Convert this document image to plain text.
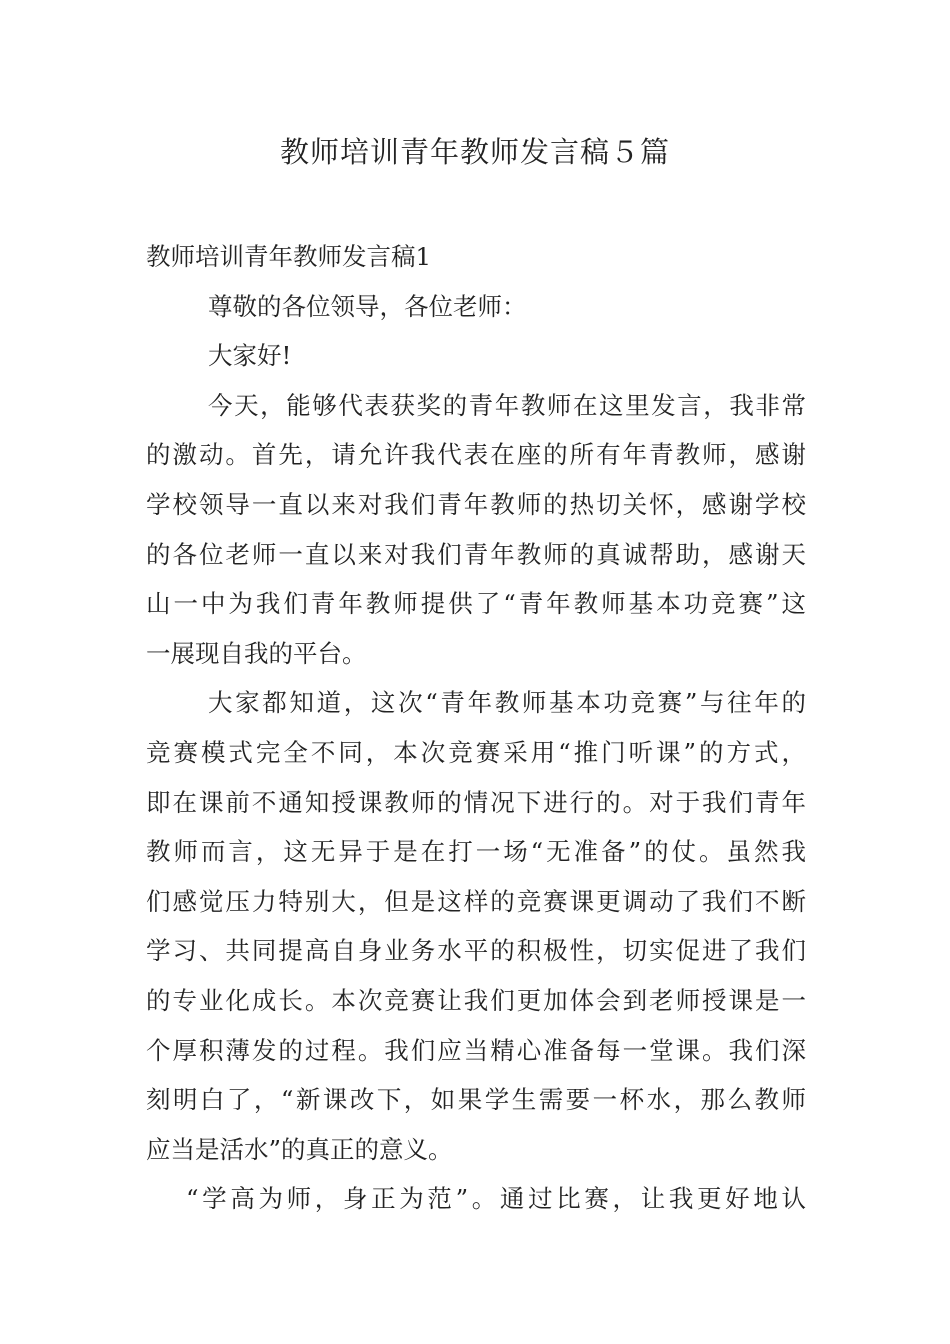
教师培训青年教师发言稿５篇
教师培训青年教师发言稿1
尊敬的各位领导，各位老师：
大家好!
今天，能够代表获奖的青年教师在这里发言，我非常
的激动。首先，请允许我代表在座的所有年青教师，感谢
学校领导一直以来对我们青年教师的热切关怀，感谢学校
的各位老师一直以来对我们青年教师的真诚帮助，感谢天
山一中为我们青年教师提供了“青年教师基本功竞赛”这
一展现自我的平台。
大家都知道，这次“青年教师基本功竞赛”与往年的
竞赛模式完全不同，本次竞赛采用“推门听课”的方式，
即在课前不通知授课教师的情况下进行的。对于我们青年
教师而言，这无异于是在打一场“无准备”的仗。虽然我
们感觉压力特别大，但是这样的竞赛课更调动了我们不断
学习、共同提高自身业务水平的积极性，切实促进了我们
的专业化成长。本次竞赛让我们更加体会到老师授课是一
个厚积薄发的过程。我们应当精心准备每一堂课。我们深
刻明白了，“新课改下，如果学生需要一杯水，那么教师
应当是活水”的真正的意义。
“学高为师，身正为范”。通过比赛，让我更好地认
